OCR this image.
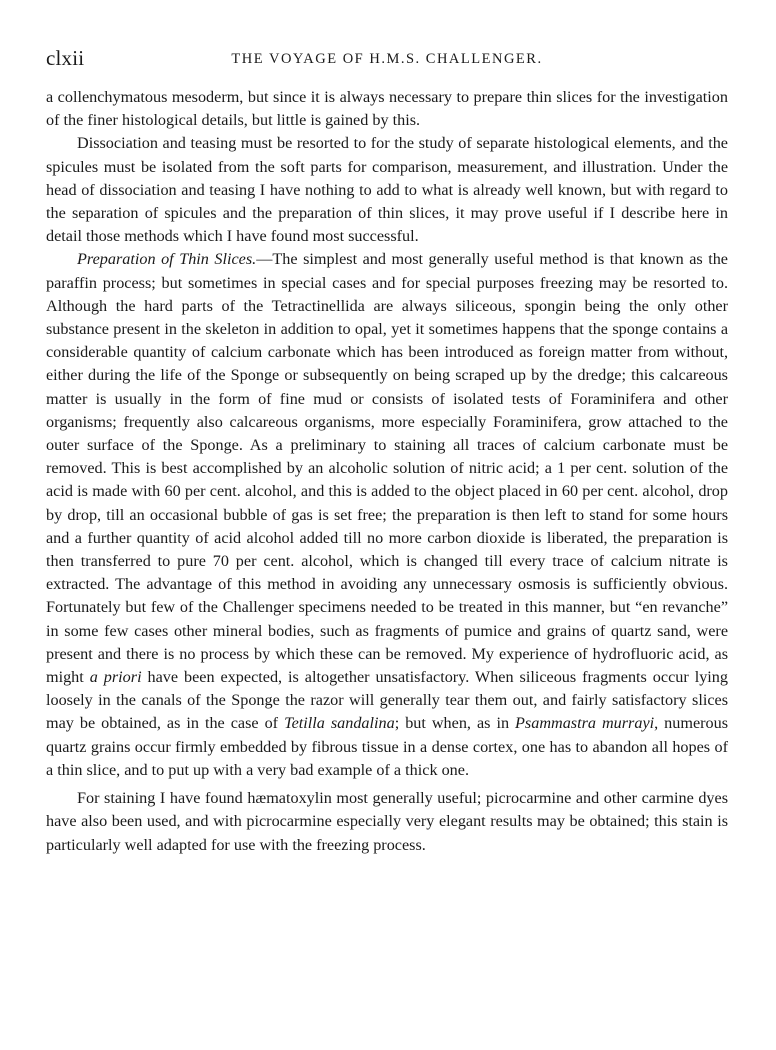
clxii	THE VOYAGE OF H.M.S. CHALLENGER.

a collenchymatous mesoderm, but since it is always necessary to prepare thin slices for the investigation of the finer histological details, but little is gained by this.

Dissociation and teasing must be resorted to for the study of separate histological elements, and the spicules must be isolated from the soft parts for comparison, measurement, and illustration. Under the head of dissociation and teasing I have nothing to add to what is already well known, but with regard to the separation of spicules and the preparation of thin slices, it may prove useful if I describe here in detail those methods which I have found most successful.

Preparation of Thin Slices.—The simplest and most generally useful method is that known as the paraffin process; but sometimes in special cases and for special purposes freezing may be resorted to. Although the hard parts of the Tetractinellida are always siliceous, spongin being the only other substance present in the skeleton in addition to opal, yet it sometimes happens that the sponge contains a considerable quantity of calcium carbonate which has been introduced as foreign matter from without, either during the life of the Sponge or subsequently on being scraped up by the dredge; this calcareous matter is usually in the form of fine mud or consists of isolated tests of Foraminifera and other organisms; frequently also calcareous organisms, more especially Foraminifera, grow attached to the outer surface of the Sponge. As a preliminary to staining all traces of calcium carbonate must be removed. This is best accomplished by an alcoholic solution of nitric acid; a 1 per cent. solution of the acid is made with 60 per cent. alcohol, and this is added to the object placed in 60 per cent. alcohol, drop by drop, till an occasional bubble of gas is set free; the preparation is then left to stand for some hours and a further quantity of acid alcohol added till no more carbon dioxide is liberated, the preparation is then transferred to pure 70 per cent. alcohol, which is changed till every trace of calcium nitrate is extracted. The advantage of this method in avoiding any unnecessary osmosis is sufficiently obvious. Fortunately but few of the Challenger specimens needed to be treated in this manner, but “en revanche” in some few cases other mineral bodies, such as fragments of pumice and grains of quartz sand, were present and there is no process by which these can be removed. My experience of hydrofluoric acid, as might a priori have been expected, is altogether unsatisfactory. When siliceous fragments occur lying loosely in the canals of the Sponge the razor will generally tear them out, and fairly satisfactory slices may be obtained, as in the case of Tetilla sandalina; but when, as in Psammastra murrayi, numerous quartz grains occur firmly embedded by fibrous tissue in a dense cortex, one has to abandon all hopes of a thin slice, and to put up with a very bad example of a thick one.

For staining I have found hæmatoxylin most generally useful; picrocarmine and other carmine dyes have also been used, and with picrocarmine especially very elegant results may be obtained; this stain is particularly well adapted for use with the freezing process.
